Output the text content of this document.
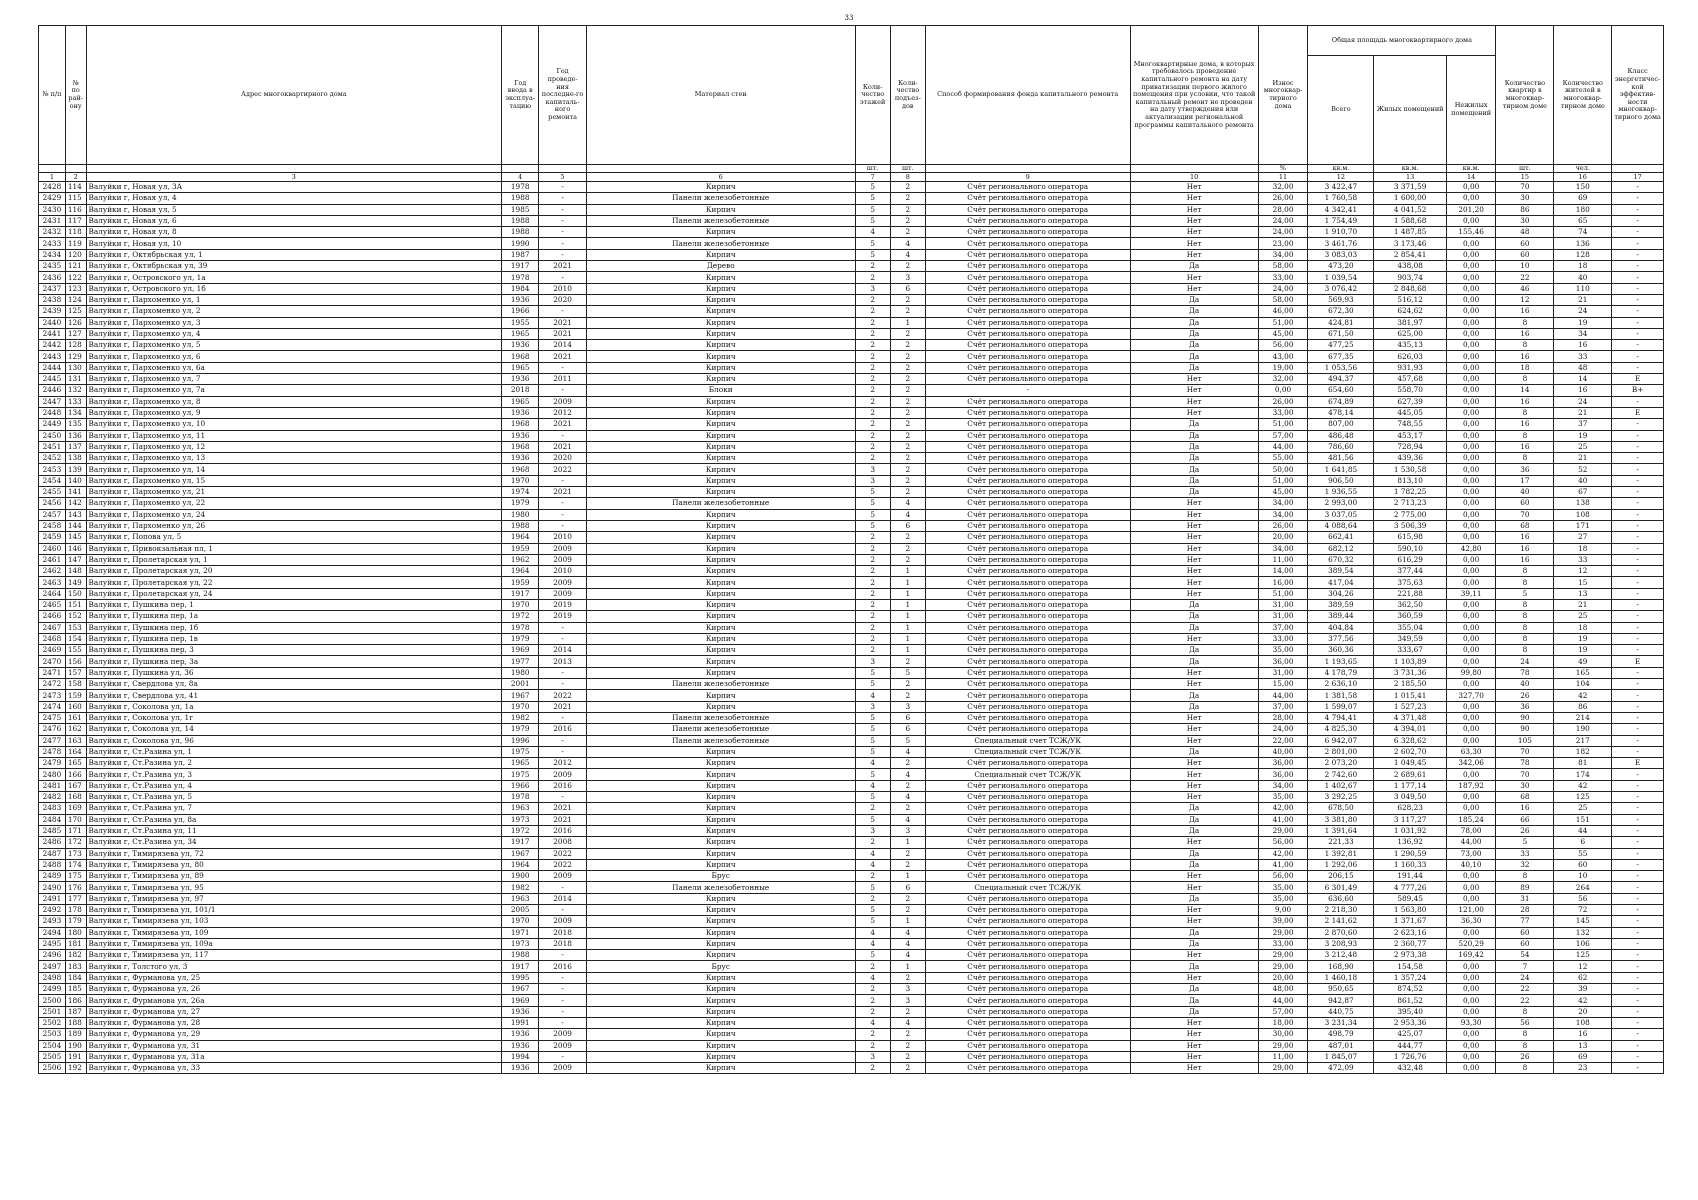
33
№ п/п	№ по рай-ону	Адрес многоквартирного дома	Год ввода в эксплуа-тацию	Год проведе-ния последне-го капиталь-ного ремонта	Материал стен	Коли-чество этажей	Коли-чество подъез-дов	Способ формирования фонда капитального ремонта	Многоквартирные дома, в которых требовалось проведение капитального ремонта на дату приватизации первого жилого помещения при условии, что такой капитальный ремонт не проведен на дату утверждения или актуализации региональной программы капитального ремонта	Износ многоквар-тирного дома	Общая площадь многоквартирного дома			Количество квартир в многоквар-тирном доме	Количество жителей в многоквар-тирном доме	Класс энергетичес-кой эффектив-ности многоквар-тирного дома
											Всего	Жилых помещений	Нежилых помещений			
						шт.	шт.			%	кв.м.	кв.м.	кв.м.	шт.	чел.	
1	2	3	4	5	6	7	8	9	10	11	12	13	14	15	16	17
2428	114	Валуйки г, Новая ул, 3А	1978	-	Кирпич	5	2	Счёт регионального оператора	Нет	32,00	3 422,47	3 371,59	0,00	70	150	-
2429	115	Валуйки г, Новая ул, 4	1988	-	Панели железобетонные	5	2	Счёт регионального оператора	Нет	26,00	1 760,58	1 600,00	0,00	30	69	-
2430	116	Валуйки г, Новая ул, 5	1985	-	Кирпич	5	2	Счёт регионального оператора	Нет	28,00	4 342,41	4 041,52	201,20	86	180	-
2431	117	Валуйки г, Новая ул, 6	1988	-	Панели железобетонные	5	2	Счёт регионального оператора	Нет	24,00	1 754,49	1 588,68	0,00	30	65	-
2432	118	Валуйки г, Новая ул, 8	1988	-	Кирпич	4	2	Счёт регионального оператора	Нет	24,00	1 910,70	1 487,85	155,46	48	74	-
2433	119	Валуйки г, Новая ул, 10	1990	-	Панели железобетонные	5	4	Счёт регионального оператора	Нет	23,00	3 461,76	3 173,46	0,00	60	136	-
2434	120	Валуйки г, Октябрьская ул, 1	1987	-	Кирпич	5	4	Счёт регионального оператора	Нет	34,00	3 083,03	2 854,41	0,00	60	128	-
2435	121	Валуйки г, Октябрьская ул, 39	1917	2021	Дерево	2	2	Счёт регионального оператора	Да	58,00	473,20	438,08	0,00	10	18	-
2436	122	Валуйки г, Островского ул, 1а	1978	-	Кирпич	2	3	Счёт регионального оператора	Нет	33,00	1 039,54	903,74	0,00	22	40	-
2437	123	Валуйки г, Островского ул, 1б	1984	2010	Кирпич	3	6	Счёт регионального оператора	Нет	24,00	3 076,42	2 848,68	0,00	46	110	-
2438	124	Валуйки г, Пархоменко ул, 1	1936	2020	Кирпич	2	2	Счёт регионального оператора	Да	58,00	569,93	516,12	0,00	12	21	-
2439	125	Валуйки г, Пархоменко ул, 2	1966	-	Кирпич	2	2	Счёт регионального оператора	Да	46,00	672,30	624,62	0,00	16	24	-
2440	126	Валуйки г, Пархоменко ул, 3	1955	2021	Кирпич	2	1	Счёт регионального оператора	Да	51,00	424,81	381,97	0,00	8	19	-
2441	127	Валуйки г, Пархоменко ул, 4	1965	2021	Кирпич	2	2	Счёт регионального оператора	Да	45,00	671,50	625,00	0,00	16	34	-
2442	128	Валуйки г, Пархоменко ул, 5	1936	2014	Кирпич	2	2	Счёт регионального оператора	Да	56,00	477,25	435,13	0,00	8	16	-
2443	129	Валуйки г, Пархоменко ул, 6	1968	2021	Кирпич	2	2	Счёт регионального оператора	Да	43,00	677,35	626,03	0,00	16	33	-
2444	130	Валуйки г, Пархоменко ул, 6а	1965	-	Кирпич	2	2	Счёт регионального оператора	Да	19,00	1 053,56	931,93	0,00	18	48	-
2445	131	Валуйки г, Пархоменко ул, 7	1936	2011	Кирпич	2	2	Счёт регионального оператора	Нет	32,00	494,37	457,68	0,00	8	14	E
2446	132	Валуйки г, Пархоменко ул, 7а	2018	-	Блоки	2	2	-	Нет	0,00	654,60	558,70	0,00	14	16	B+
2447	133	Валуйки г, Пархоменко ул, 8	1965	2009	Кирпич	2	2	Счёт регионального оператора	Нет	26,00	674,89	627,39	0,00	16	24	-
2448	134	Валуйки г, Пархоменко ул, 9	1936	2012	Кирпич	2	2	Счёт регионального оператора	Нет	33,00	478,14	445,05	0,00	8	21	E
2449	135	Валуйки г, Пархоменко ул, 10	1968	2021	Кирпич	2	2	Счёт регионального оператора	Да	51,00	807,00	748,55	0,00	16	37	-
2450	136	Валуйки г, Пархоменко ул, 11	1936	-	Кирпич	2	2	Счёт регионального оператора	Да	57,00	486,48	453,17	0,00	8	19	-
2451	137	Валуйки г, Пархоменко ул, 12	1968	2021	Кирпич	2	2	Счёт регионального оператора	Да	44,00	786,60	728,94	0,00	16	25	-
2452	138	Валуйки г, Пархоменко ул, 13	1936	2020	Кирпич	2	2	Счёт регионального оператора	Да	55,00	481,56	439,36	0,00	8	21	-
2453	139	Валуйки г, Пархоменко ул, 14	1968	2022	Кирпич	3	2	Счёт регионального оператора	Да	50,00	1 641,85	1 530,58	0,00	36	52	-
2454	140	Валуйки г, Пархоменко ул, 15	1970	-	Кирпич	3	2	Счёт регионального оператора	Да	51,00	906,50	813,10	0,00	17	40	-
2455	141	Валуйки г, Пархоменко ул, 21	1974	2021	Кирпич	5	2	Счёт регионального оператора	Да	45,00	1 936,55	1 782,25	0,00	40	67	-
2456	142	Валуйки г, Пархоменко ул, 22	1979	-	Панели железобетонные	5	4	Счёт регионального оператора	Нет	34,00	2 993,00	2 713,23	0,00	60	138	-
2457	143	Валуйки г, Пархоменко ул, 24	1980	-	Кирпич	5	4	Счёт регионального оператора	Нет	34,00	3 037,05	2 775,00	0,00	70	108	-
2458	144	Валуйки г, Пархоменко ул, 26	1988	-	Кирпич	5	6	Счёт регионального оператора	Нет	26,00	4 088,64	3 506,39	0,00	68	171	-
2459	145	Валуйки г, Попова ул, 5	1964	2010	Кирпич	2	2	Счёт регионального оператора	Нет	20,00	662,41	615,98	0,00	16	27	-
2460	146	Валуйки г, Привокзальная пл, 1	1959	2009	Кирпич	2	2	Счёт регионального оператора	Нет	34,00	682,12	590,10	42,80	16	18	-
2461	147	Валуйки г, Пролетарская ул, 1	1962	2009	Кирпич	2	2	Счёт регионального оператора	Нет	11,00	670,32	616,29	0,00	16	33	-
2462	148	Валуйки г, Пролетарская ул, 20	1964	2010	Кирпич	2	1	Счёт регионального оператора	Нет	14,00	389,54	377,44	0,00	8	12	-
2463	149	Валуйки г, Пролетарская ул, 22	1959	2009	Кирпич	2	1	Счёт регионального оператора	Нет	16,00	417,04	375,63	0,00	8	15	-
2464	150	Валуйки г, Пролетарская ул, 24	1917	2009	Кирпич	2	1	Счёт регионального оператора	Нет	51,00	304,26	221,88	39,11	5	13	-
2465	151	Валуйки г, Пушкина пер, 1	1970	2019	Кирпич	2	1	Счёт регионального оператора	Да	31,00	389,59	362,50	0,00	8	21	-
2466	152	Валуйки г, Пушкина пер, 1а	1972	2019	Кирпич	2	1	Счёт регионального оператора	Да	31,00	389,44	360,59	0,00	8	25	-
2467	153	Валуйки г, Пушкина пер, 1б	1978	-	Кирпич	2	1	Счёт регионального оператора	Да	37,00	404,84	355,04	0,00	8	18	-
2468	154	Валуйки г, Пушкина пер, 1в	1979	-	Кирпич	2	1	Счёт регионального оператора	Нет	33,00	377,56	349,59	0,00	8	19	-
2469	155	Валуйки г, Пушкина пер, 3	1969	2014	Кирпич	2	1	Счёт регионального оператора	Да	35,00	360,36	333,67	0,00	8	19	-
2470	156	Валуйки г, Пушкина пер, 3а	1977	2013	Кирпич	3	2	Счёт регионального оператора	Да	36,00	1 193,65	1 103,89	0,00	24	49	E
2471	157	Валуйки г, Пушкина ул, 36	1980	-	Кирпич	5	5	Счёт регионального оператора	Нет	31,00	4 178,79	3 731,36	99,80	78	165	-
2472	158	Валуйки г, Свердлова ул, 8а	2001	-	Панели железобетонные	5	2	Счёт регионального оператора	Нет	15,00	2 636,10	2 185,50	0,00	40	104	-
2473	159	Валуйки г, Свердлова ул, 41	1967	2022	Кирпич	4	2	Счёт регионального оператора	Да	44,00	1 381,58	1 015,41	327,70	26	42	-
2474	160	Валуйки г, Соколова ул, 1а	1970	2021	Кирпич	3	3	Счёт регионального оператора	Да	37,00	1 599,07	1 527,23	0,00	36	86	-
2475	161	Валуйки г, Соколова ул, 1г	1982	-	Панели железобетонные	5	6	Счёт регионального оператора	Нет	28,00	4 794,41	4 371,48	0,00	90	214	-
2476	162	Валуйки г, Соколова ул, 14	1979	2016	Панели железобетонные	5	6	Счёт регионального оператора	Нет	24,00	4 825,30	4 394,01	0,00	90	190	-
2477	163	Валуйки г, Соколова ул, 96	1996	-	Панели железобетонные	5	5	Специальный счет ТСЖ/УК	Нет	22,00	6 942,07	6 328,62	0,00	105	217	-
2478	164	Валуйки г, Ст.Разина ул, 1	1975	-	Кирпич	5	4	Специальный счет ТСЖ/УК	Да	40,00	2 801,00	2 602,70	63,30	70	182	-
2479	165	Валуйки г, Ст.Разина ул, 2	1965	2012	Кирпич	4	2	Счёт регионального оператора	Нет	36,00	2 073,20	1 049,45	342,06	78	81	E
2480	166	Валуйки г, Ст.Разина ул, 3	1975	2009	Кирпич	5	4	Специальный счет ТСЖ/УК	Нет	36,00	2 742,60	2 689,61	0,00	70	174	-
2481	167	Валуйки г, Ст.Разина ул, 4	1966	2016	Кирпич	4	2	Счёт регионального оператора	Нет	34,00	1 402,67	1 177,14	187,92	30	42	-
2482	168	Валуйки г, Ст.Разина ул, 5	1978	-	Кирпич	5	4	Счёт регионального оператора	Нет	35,00	3 292,25	3 049,50	0,00	68	125	-
2483	169	Валуйки г, Ст.Разина ул, 7	1963	2021	Кирпич	2	2	Счёт регионального оператора	Да	42,00	678,50	628,23	0,00	16	25	-
2484	170	Валуйки г, Ст.Разина ул, 8а	1973	2021	Кирпич	5	4	Счёт регионального оператора	Да	41,00	3 381,80	3 117,27	185,24	66	151	-
2485	171	Валуйки г, Ст.Разина ул, 11	1972	2016	Кирпич	3	3	Счёт регионального оператора	Да	29,00	1 391,64	1 031,92	78,00	26	44	-
2486	172	Валуйки г, Ст.Разина ул, 34	1917	2008	Кирпич	2	1	Счёт регионального оператора	Нет	56,00	221,33	136,92	44,00	5	6	-
2487	173	Валуйки г, Тимирязева ул, 72	1967	2022	Кирпич	4	2	Счёт регионального оператора	Да	42,00	1 392,81	1 290,59	73,00	33	55	-
2488	174	Валуйки г, Тимирязева ул, 80	1964	2022	Кирпич	4	2	Счёт регионального оператора	Да	41,00	1 292,06	1 160,33	40,10	32	60	-
2489	175	Валуйки г, Тимирязева ул, 89	1900	2009	Брус	2	1	Счёт регионального оператора	Нет	56,00	206,15	191,44	0,00	8	10	-
2490	176	Валуйки г, Тимирязева ул, 95	1982	-	Панели железобетонные	5	6	Специальный счет ТСЖ/УК	Нет	35,00	6 301,49	4 777,26	0,00	89	264	-
2491	177	Валуйки г, Тимирязева ул, 97	1963	2014	Кирпич	2	2	Счёт регионального оператора	Да	35,00	636,60	589,45	0,00	31	56	-
2492	178	Валуйки г, Тимирязева ул, 101/1	2005	-	Кирпич	5	2	Счёт регионального оператора	Нет	9,00	2 218,30	1 563,80	121,00	28	72	-
2493	179	Валуйки г, Тимирязева ул, 103	1970	2009	Кирпич	5	1	Счёт регионального оператора	Нет	39,00	2 141,62	1 371,67	36,30	77	145	-
2494	180	Валуйки г, Тимирязева ул, 109	1971	2018	Кирпич	4	4	Счёт регионального оператора	Да	29,00	2 870,60	2 623,16	0,00	60	132	-
2495	181	Валуйки г, Тимирязева ул, 109а	1973	2018	Кирпич	4	4	Счёт регионального оператора	Да	33,00	3 208,93	2 360,77	520,29	60	106	-
2496	182	Валуйки г, Тимирязева ул, 117	1988	-	Кирпич	5	4	Счёт регионального оператора	Нет	29,00	3 212,48	2 973,38	169,42	54	125	-
2497	183	Валуйки г, Толстого ул, 3	1917	2016	Брус	2	1	Счёт регионального оператора	Да	29,00	168,90	154,58	0,00	7	12	-
2498	184	Валуйки г, Фурманова ул, 25	1995	-	Кирпич	4	2	Счёт регионального оператора	Нет	20,00	1 460,18	1 357,24	0,00	24	62	-
2499	185	Валуйки г, Фурманова ул, 26	1967	-	Кирпич	2	3	Счёт регионального оператора	Да	48,00	950,65	874,52	0,00	22	39	-
2500	186	Валуйки г, Фурманова ул, 26а	1969	-	Кирпич	2	3	Счёт регионального оператора	Да	44,00	942,87	861,52	0,00	22	42	-
2501	187	Валуйки г, Фурманова ул, 27	1936	-	Кирпич	2	2	Счёт регионального оператора	Да	57,00	440,75	395,40	0,00	8	20	-
2502	188	Валуйки г, Фурманова ул, 28	1991	-	Кирпич	4	4	Счёт регионального оператора	Нет	18,00	3 231,34	2 953,36	93,30	56	108	-
2503	189	Валуйки г, Фурманова ул, 29	1936	2009	Кирпич	2	2	Счёт регионального оператора	Нет	30,00	498,79	425,07	0,00	8	16	-
2504	190	Валуйки г, Фурманова ул, 31	1936	2009	Кирпич	2	2	Счёт регионального оператора	Нет	29,00	487,01	444,77	0,00	8	13	-
2505	191	Валуйки г, Фурманова ул, 31а	1994	-	Кирпич	3	2	Счёт регионального оператора	Нет	11,00	1 845,07	1 726,76	0,00	26	69	-
2506	192	Валуйки г, Фурманова ул, 33	1936	2009	Кирпич	2	2	Счёт регионального оператора	Нет	29,00	472,09	432,48	0,00	8	23	-
